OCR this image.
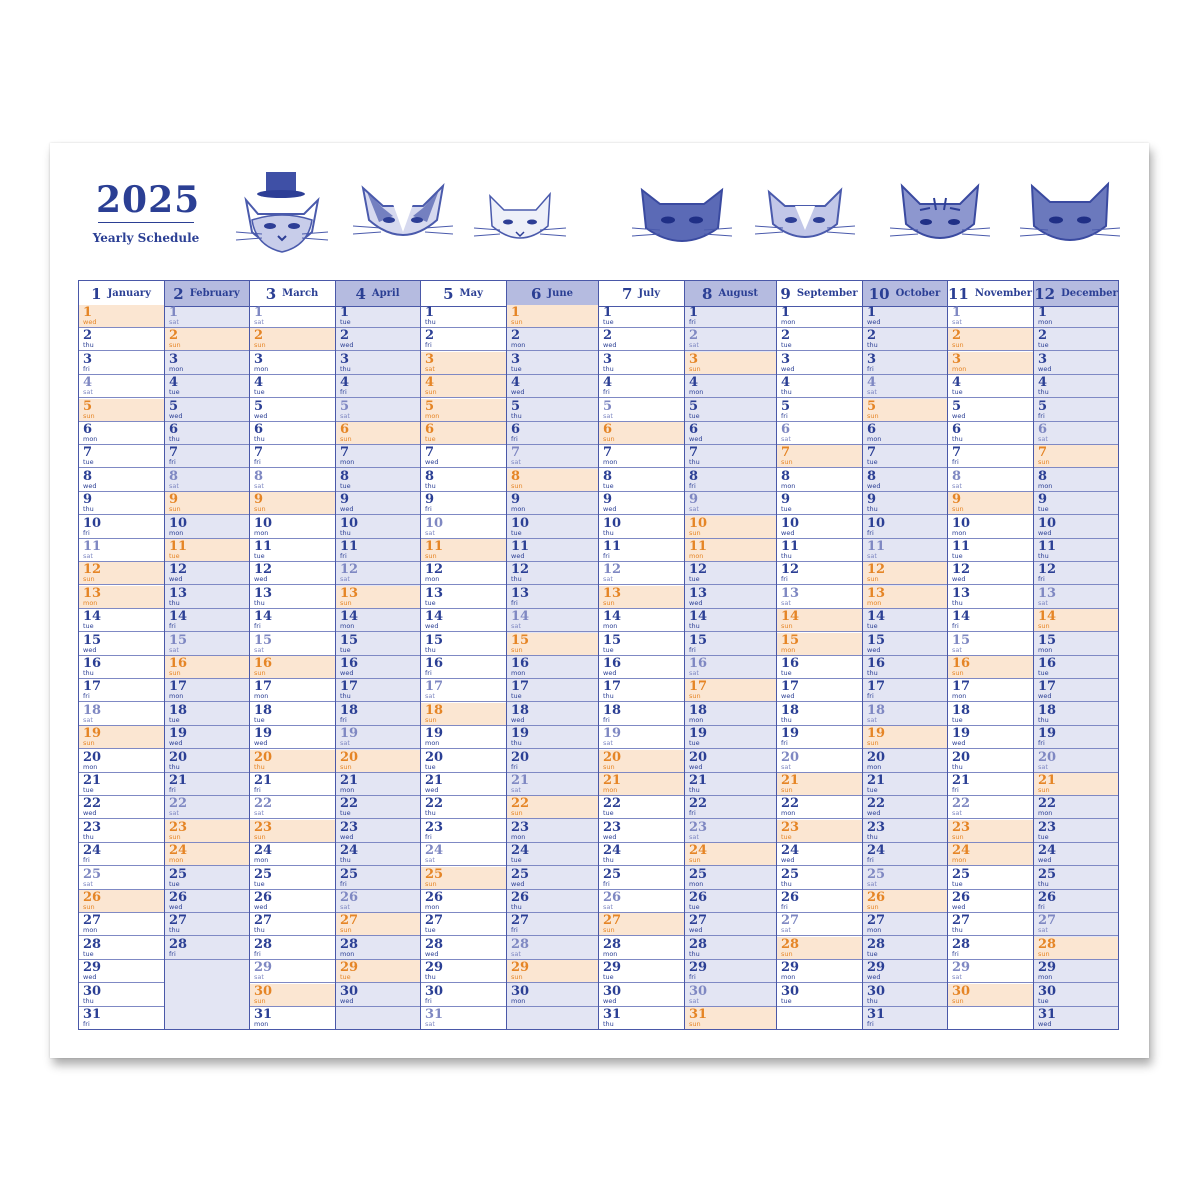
2025
Yearly Schedule
1 January
1
wed
2
thu
3
fri
4
sat
5
sun
6
mon
7
tue
8
wed
9
thu
10
fri
11
sat
12
sun
13
mon
14
tue
15
wed
16
thu
17
fri
18
sat
19
sun
20
mon
21
tue
22
wed
23
thu
24
fri
25
sat
26
sun
27
mon
28
tue
29
wed
30
thu
31
fri
2 February
1
sat
2
sun
3
mon
4
tue
5
wed
6
thu
7
fri
8
sat
9
sun
10
mon
11
tue
12
wed
13
thu
14
fri
15
sat
16
sun
17
mon
18
tue
19
wed
20
thu
21
fri
22
sat
23
sun
24
mon
25
tue
26
wed
27
thu
28
fri
3 March
1
sat
2
sun
3
mon
4
tue
5
wed
6
thu
7
fri
8
sat
9
sun
10
mon
11
tue
12
wed
13
thu
14
fri
15
sat
16
sun
17
mon
18
tue
19
wed
20
thu
21
fri
22
sat
23
sun
24
mon
25
tue
26
wed
27
thu
28
fri
29
sat
30
sun
31
mon
4 April
1
tue
2
wed
3
thu
4
fri
5
sat
6
sun
7
mon
8
tue
9
wed
10
thu
11
fri
12
sat
13
sun
14
mon
15
tue
16
wed
17
thu
18
fri
19
sat
20
sun
21
mon
22
tue
23
wed
24
thu
25
fri
26
sat
27
sun
28
mon
29
tue
30
wed
5 May
1
thu
2
fri
3
sat
4
sun
5
mon
6
tue
7
wed
8
thu
9
fri
10
sat
11
sun
12
mon
13
tue
14
wed
15
thu
16
fri
17
sat
18
sun
19
mon
20
tue
21
wed
22
thu
23
fri
24
sat
25
sun
26
mon
27
tue
28
wed
29
thu
30
fri
31
sat
6 June
1
sun
2
mon
3
tue
4
wed
5
thu
6
fri
7
sat
8
sun
9
mon
10
tue
11
wed
12
thu
13
fri
14
sat
15
sun
16
mon
17
tue
18
wed
19
thu
20
fri
21
sat
22
sun
23
mon
24
tue
25
wed
26
thu
27
fri
28
sat
29
sun
30
mon
7 July
1
tue
2
wed
3
thu
4
fri
5
sat
6
sun
7
mon
8
tue
9
wed
10
thu
11
fri
12
sat
13
sun
14
mon
15
tue
16
wed
17
thu
18
fri
19
sat
20
sun
21
mon
22
tue
23
wed
24
thu
25
fri
26
sat
27
sun
28
mon
29
tue
30
wed
31
thu
8 August
1
fri
2
sat
3
sun
4
mon
5
tue
6
wed
7
thu
8
fri
9
sat
10
sun
11
mon
12
tue
13
wed
14
thu
15
fri
16
sat
17
sun
18
mon
19
tue
20
wed
21
thu
22
fri
23
sat
24
sun
25
mon
26
tue
27
wed
28
thu
29
fri
30
sat
31
sun
9 September
1
mon
2
tue
3
wed
4
thu
5
fri
6
sat
7
sun
8
mon
9
tue
10
wed
11
thu
12
fri
13
sat
14
sun
15
mon
16
tue
17
wed
18
thu
19
fri
20
sat
21
sun
22
mon
23
tue
24
wed
25
thu
26
fri
27
sat
28
sun
29
mon
30
tue
10 October
1
wed
2
thu
3
fri
4
sat
5
sun
6
mon
7
tue
8
wed
9
thu
10
fri
11
sat
12
sun
13
mon
14
tue
15
wed
16
thu
17
fri
18
sat
19
sun
20
mon
21
tue
22
wed
23
thu
24
fri
25
sat
26
sun
27
mon
28
tue
29
wed
30
thu
31
fri
11 November
1
sat
2
sun
3
mon
4
tue
5
wed
6
thu
7
fri
8
sat
9
sun
10
mon
11
tue
12
wed
13
thu
14
fri
15
sat
16
sun
17
mon
18
tue
19
wed
20
thu
21
fri
22
sat
23
sun
24
mon
25
tue
26
wed
27
thu
28
fri
29
sat
30
sun
12 December
1
mon
2
tue
3
wed
4
thu
5
fri
6
sat
7
sun
8
mon
9
tue
10
wed
11
thu
12
fri
13
sat
14
sun
15
mon
16
tue
17
wed
18
thu
19
fri
20
sat
21
sun
22
mon
23
tue
24
wed
25
thu
26
fri
27
sat
28
sun
29
mon
30
tue
31
wed
